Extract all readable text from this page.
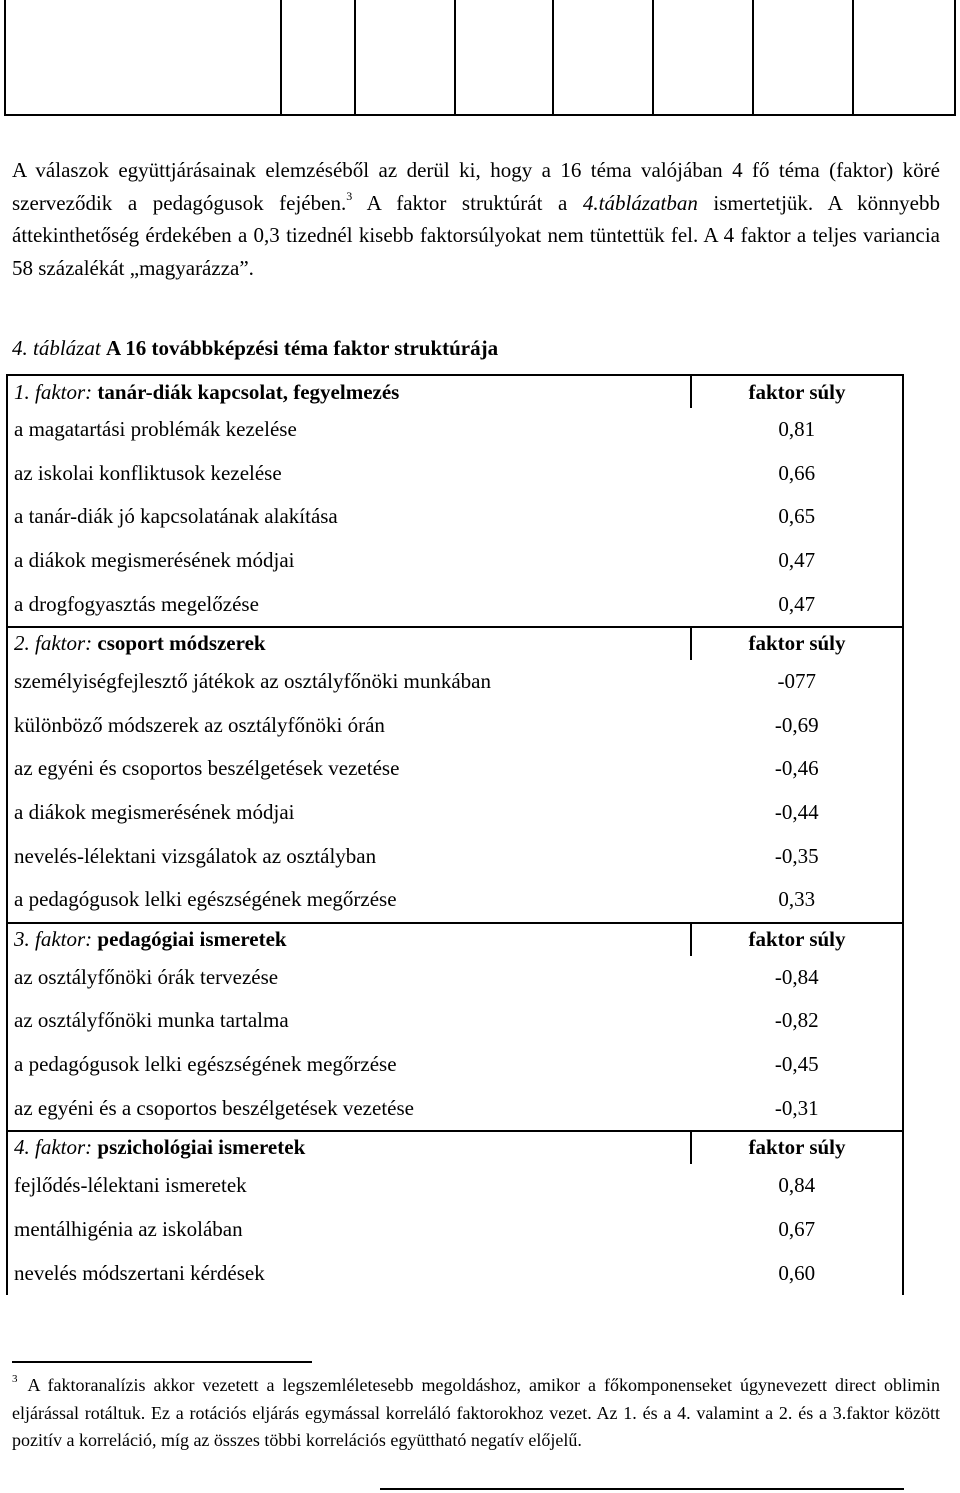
A válaszok együttjárásainak elemzéséből az derül ki, hogy a 16 téma valójában 4 fő téma (faktor) köré szerveződik a pedagógusok fejében.$^3$ A faktor struktúrát a 4.táblázatban ismertetjük. A könnyebb áttekinthetőség érdekében a 0,3 tizednél kisebb faktorsúlyokat nem tüntettük fel. A 4 faktor a teljes variancia 58 százalékát „magyarázza”.
4. táblázat A 16 továbbképzési téma faktor struktúrája
1. faktor: tanár-diák kapcsolat, fegyelmezés	faktor súly
a magatartási problémák kezelése	0,81
az iskolai konfliktusok kezelése	0,66
a tanár-diák jó kapcsolatának alakítása	0,65
a diákok megismerésének módjai	0,47
a drogfogyasztás megelőzése	0,47
2. faktor: csoport módszerek	faktor súly
személyiségfejlesztő játékok az osztályfőnöki munkában	-077
különböző módszerek az osztályfőnöki órán	-0,69
az egyéni és csoportos beszélgetések vezetése	-0,46
a diákok megismerésének módjai	-0,44
nevelés-lélektani vizsgálatok az osztályban	-0,35
a pedagógusok lelki egészségének megőrzése	0,33
3. faktor: pedagógiai ismeretek	faktor súly
az osztályfőnöki órák tervezése	-0,84
az osztályfőnöki munka tartalma	-0,82
a pedagógusok lelki egészségének megőrzése	-0,45
az egyéni és a csoportos beszélgetések vezetése	-0,31
4. faktor: pszichológiai ismeretek	faktor súly
fejlődés-lélektani ismeretek	0,84
mentálhigénia az iskolában	0,67
nevelés módszertani kérdések	0,60
$^3$ A faktoranalízis akkor vezetett a legszemléletesebb megoldáshoz, amikor a főkomponenseket úgynevezett direct oblimin eljárással rotáltuk. Ez a rotációs eljárás egymással korreláló faktorokhoz vezet. Az 1. és a 4. valamint a 2. és a 3.faktor között pozitív a korreláció, míg az összes többi korrelációs együttható negatív előjelű.
